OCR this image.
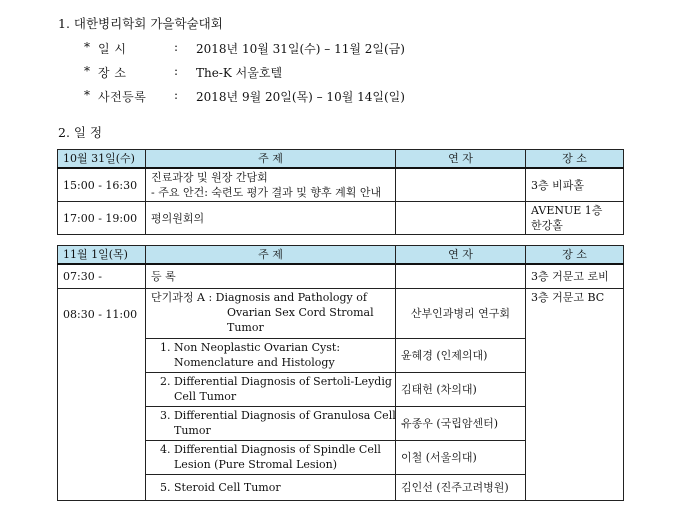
1. 대한병리학회 가을학술대회
* 일 시	:	2018년 10월 31일(수) – 11월 2일(금)
* 장 소	:	The-K 서울호텔
* 사전등록	:	2018년 9월 20일(목) – 10월 14일(일)
2. 일 정
10월 31일(수)	주 제	연 자	장 소
15:00 - 16:30	진료과장 및 원장 간담회
- 주요 안건: 숙련도 평가 결과 및 향후 계획 안내		3층 비파홀
17:00 - 19:00	평의원회의		AVENUE 1층
한강홀
11월 1일(목)	주 제	연 자	장 소
07:30 -	등 록		3층 거문고 로비
08:30 - 11:00	단기과정 A : Diagnosis and Pathology of
Ovarian Sex Cord Stromal
Tumor	산부인과병리 연구회	3층 거문고 BC

	1. Non Neoplastic Ovarian Cyst:
Nomenclature and Histology	윤혜경 (인제의대)	

	2. Differential Diagnosis of Sertoli-Leydig
Cell Tumor	김태헌 (차의대)	

	3. Differential Diagnosis of Granulosa Cell
Tumor	유종우 (국립암센터)	

	4. Differential Diagnosis of Spindle Cell
Lesion (Pure Stromal Lesion)	이철 (서울의대)	

	5. Steroid Cell Tumor	김인선 (진주고려병원)	
